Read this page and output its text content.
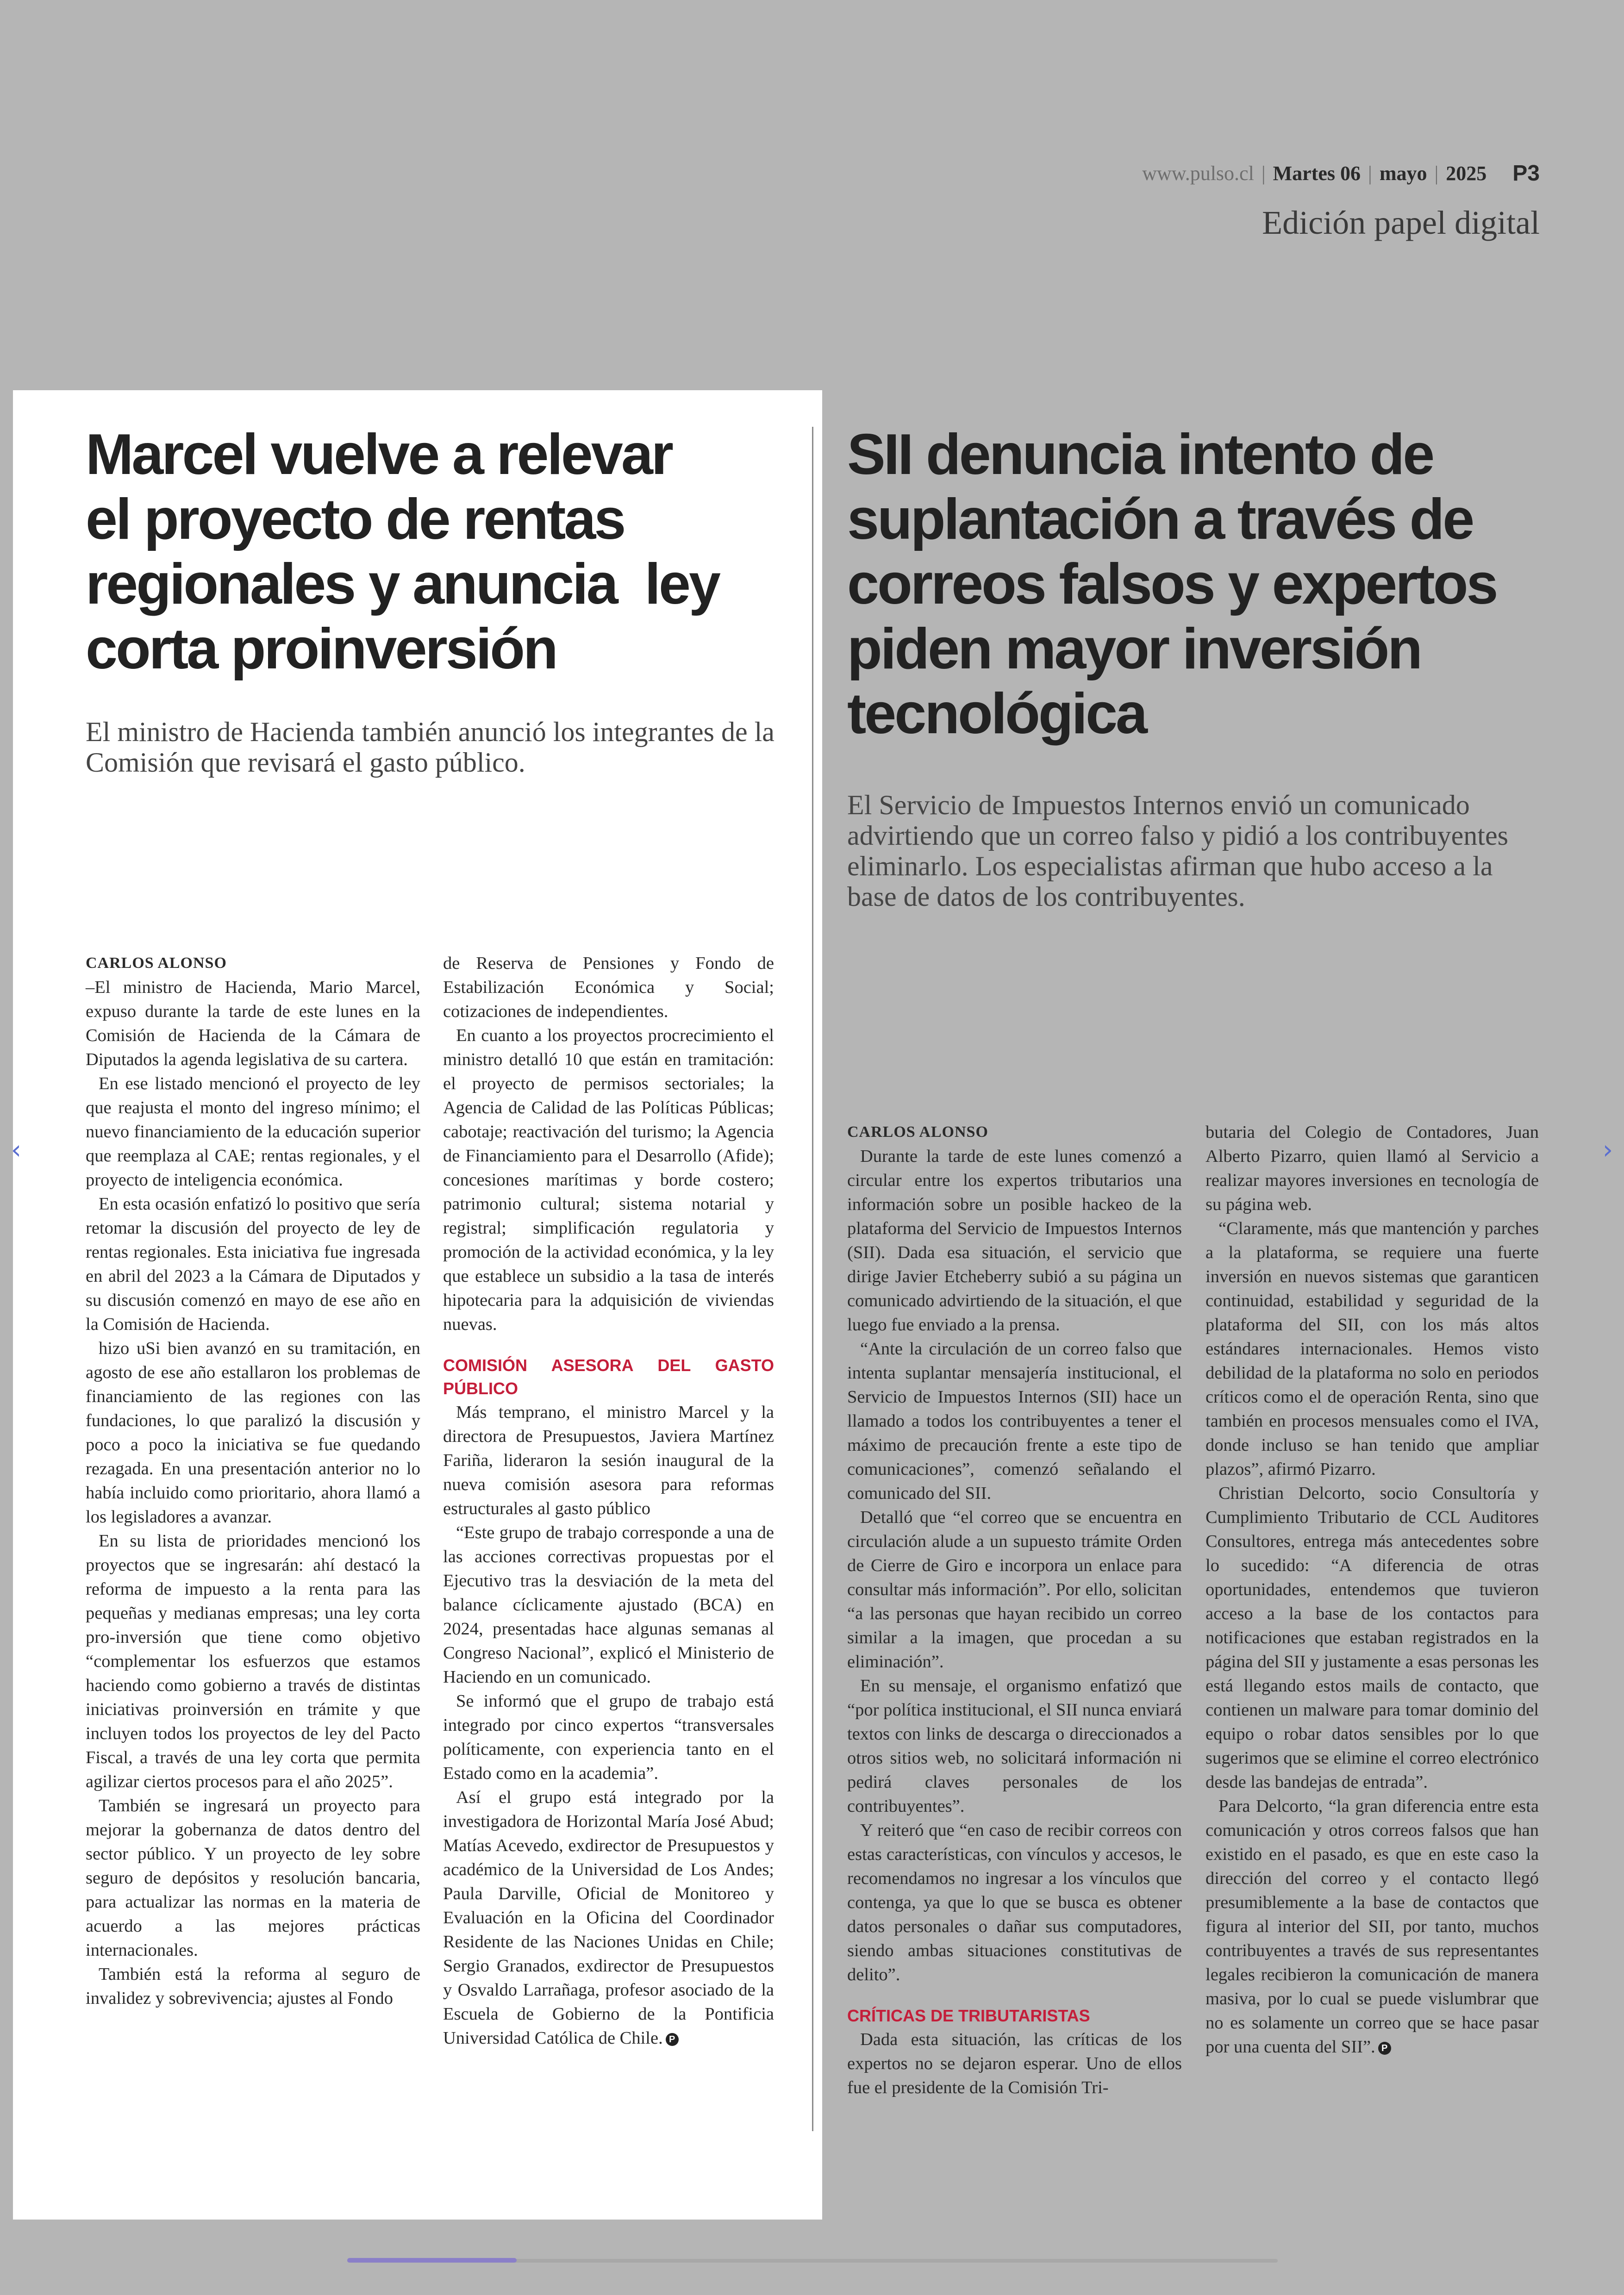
www.pulso.cl | Martes 06 | mayo | 2025 P3
Edición papel digital
Marcel vuelve a relevar
el proyecto de rentas
regionales y anuncia  ley
corta proinversión

El ministro de Hacienda también anunció los integrantes de la Comisión que revisará el gasto público.

CARLOS ALONSO

–El ministro de Hacienda, Mario Marcel, expuso durante la tarde de este lunes en la Comisión de Hacienda de la Cámara de Diputados la agenda legislativa de su cartera.

En ese listado mencionó el proyecto de ley que reajusta el monto del ingreso mínimo; el nuevo financiamiento de la educación superior que reemplaza al CAE; rentas regionales, y el proyecto de inteligencia económica.

En esta ocasión enfatizó lo positivo que sería retomar la discusión del proyecto de ley de rentas regionales. Esta iniciativa fue ingresada en abril del 2023 a la Cámara de Diputados y su discusión comenzó en mayo de ese año en la Comisión de Hacienda.

hizo uSi bien avanzó en su tramitación, en agosto de ese año estallaron los problemas de financiamiento de las regiones con las fundaciones, lo que paralizó la discusión y poco a poco la iniciativa se fue quedando rezagada. En una presentación anterior no lo había incluido como prioritario, ahora llamó a los legisladores a avanzar.

En su lista de prioridades mencionó los proyectos que se ingresarán: ahí destacó la reforma de impuesto a la renta para las pequeñas y medianas empresas; una ley corta pro-inversión que tiene como objetivo “complementar los esfuerzos que estamos haciendo como gobierno a través de distintas iniciativas proinversión en trámite y que incluyen todos los proyectos de ley del Pacto Fiscal, a través de una ley corta que permita agilizar ciertos procesos para el año 2025”.

También se ingresará un proyecto para mejorar la gobernanza de datos dentro del sector público. Y un proyecto de ley sobre seguro de depósitos y resolución bancaria, para actualizar las normas en la materia de acuerdo a las mejores prácticas internacionales.

También está la reforma al seguro de invalidez y sobrevivencia; ajustes al Fondo

de Reserva de Pensiones y Fondo de Estabilización Económica y Social; cotizaciones de independientes.

En cuanto a los proyectos procrecimiento el ministro detalló 10 que están en tramitación: el proyecto de permisos sectoriales; la Agencia de Calidad de las Políticas Públicas; cabotaje; reactivación del turismo; la Agencia de Financiamiento para el Desarrollo (Afide); concesiones marítimas y borde costero; patrimonio cultural; sistema notarial y registral; simplificación regulatoria y promoción de la actividad económica, y la ley que establece un subsidio a la tasa de interés hipotecaria para la adquisición de viviendas nuevas.

COMISIÓN ASESORA DEL GASTO PÚBLICO

Más temprano, el ministro Marcel y la directora de Presupuestos, Javiera Martínez Fariña, lideraron la sesión inaugural de la nueva comisión asesora para reformas estructurales al gasto público

“Este grupo de trabajo corresponde a una de las acciones correctivas propuestas por el Ejecutivo tras la desviación de la meta del balance cíclicamente ajustado (BCA) en 2024, presentadas hace algunas semanas al Congreso Nacional”, explicó el Ministerio de Haciendo en un comunicado.

Se informó que el grupo de trabajo está integrado por cinco expertos “transversales políticamente, con experiencia tanto en el Estado como en la academia”.

Así el grupo está integrado por la investigadora de Horizontal María José Abud; Matías Acevedo, exdirector de Presupuestos y académico de la Universidad de Los Andes; Paula Darville, Oficial de Monitoreo y Evaluación en la Oficina del Coordinador Residente de las Naciones Unidas en Chile; Sergio Granados, exdirector de Presupuestos y Osvaldo Larrañaga, profesor asociado de la Escuela de Gobierno de la Pontificia Universidad Católica de Chile. P

SII denuncia intento de
suplantación a través de
correos falsos y expertos
piden mayor inversión
tecnológica

El Servicio de Impuestos Internos envió un comunicado advirtiendo que un correo falso y pidió a los contribuyentes eliminarlo. Los especialistas afirman que hubo acceso a la base de datos de los contribuyentes.

CARLOS ALONSO

Durante la tarde de este lunes comenzó a circular entre los expertos tributarios una información sobre un posible hackeo de la plataforma del Servicio de Impuestos Internos (SII). Dada esa situación, el servicio que dirige Javier Etcheberry subió a su página un comunicado advirtiendo de la situación, el que luego fue enviado a la prensa.

“Ante la circulación de un correo falso que intenta suplantar mensajería institucional, el Servicio de Impuestos Internos (SII) hace un llamado a todos los contribuyentes a tener el máximo de precaución frente a este tipo de comunicaciones”, comenzó señalando el comunicado del SII.

Detalló que “el correo que se encuentra en circulación alude a un supuesto trámite Orden de Cierre de Giro e incorpora un enlace para consultar más información”. Por ello, solicitan “a las personas que hayan recibido un correo similar a la imagen, que procedan a su eliminación”.

En su mensaje, el organismo enfatizó que “por política institucional, el SII nunca enviará textos con links de descarga o direccionados a otros sitios web, no solicitará información ni pedirá claves personales de los contribuyentes”.

Y reiteró que “en caso de recibir correos con estas características, con vínculos y accesos, le recomendamos no ingresar a los vínculos que contenga, ya que lo que se busca es obtener datos personales o dañar sus computadores, siendo ambas situaciones constitutivas de delito”.

CRÍTICAS DE TRIBUTARISTAS

Dada esta situación, las críticas de los expertos no se dejaron esperar. Uno de ellos fue el presidente de la Comisión Tri-

butaria del Colegio de Contadores, Juan Alberto Pizarro, quien llamó al Servicio a realizar mayores inversiones en tecnología de su página web.

“Claramente, más que mantención y parches a la plataforma, se requiere una fuerte inversión en nuevos sistemas que garanticen continuidad, estabilidad y seguridad de la plataforma del SII, con los más altos estándares internacionales. Hemos visto debilidad de la plataforma no solo en periodos críticos como el de operación Renta, sino que también en procesos mensuales como el IVA, donde incluso se han tenido que ampliar plazos”, afirmó Pizarro.

Christian Delcorto, socio Consultoría y Cumplimiento Tributario de CCL Auditores Consultores, entrega más antecedentes sobre lo sucedido: “A diferencia de otras oportunidades, entendemos que tuvieron acceso a la base de los contactos para notificaciones que estaban registrados en la página del SII y justamente a esas personas les está llegando estos mails de contacto, que contienen un malware para tomar dominio del equipo o robar datos sensibles por lo que sugerimos que se elimine el correo electrónico desde las bandejas de entrada”.

Para Delcorto, “la gran diferencia entre esta comunicación y otros correos falsos que han existido en el pasado, es que en este caso la dirección del correo y el contacto llegó presumiblemente a la base de contactos que figura al interior del SII, por tanto, muchos contribuyentes a través de sus representantes legales recibieron la comunicación de manera masiva, por lo cual se puede vislumbrar que no es solamente un correo que se hace pasar por una cuenta del SII”. P

‹	›
